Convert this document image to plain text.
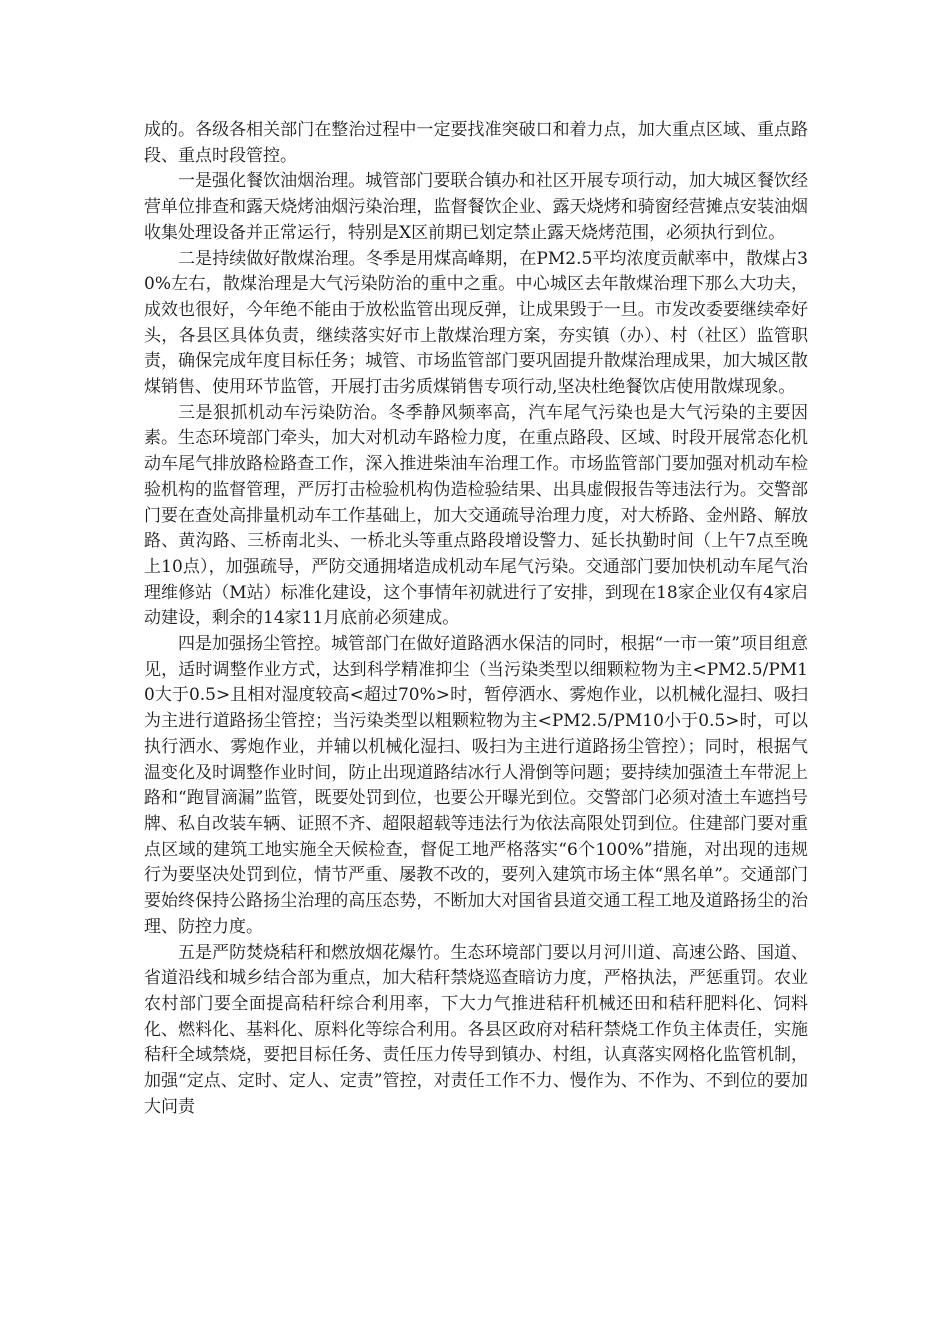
成的。各级各相关部门在整治过程中一定要找准突破口和着力点，加大重点区域、重点路段、重点时段管控。

一是强化餐饮油烟治理。城管部门要联合镇办和社区开展专项行动，加大城区餐饮经营单位排查和露天烧烤油烟污染治理，监督餐饮企业、露天烧烤和骑窗经营摊点安装油烟收集处理设备并正常运行，特别是X区前期已划定禁止露天烧烤范围，必须执行到位。

二是持续做好散煤治理。冬季是用煤高峰期，在PM2.5平均浓度贡献率中，散煤占30%左右，散煤治理是大气污染防治的重中之重。中心城区去年散煤治理下那么大功夫，成效也很好，今年绝不能由于放松监管出现反弹，让成果毁于一旦。市发改委要继续牵好头，各县区具体负责，继续落实好市上散煤治理方案，夯实镇（办）、村（社区）监管职责，确保完成年度目标任务；城管、市场监管部门要巩固提升散煤治理成果，加大城区散煤销售、使用环节监管，开展打击劣质煤销售专项行动,坚决杜绝餐饮店使用散煤现象。

三是狠抓机动车污染防治。冬季静风频率高，汽车尾气污染也是大气污染的主要因素。生态环境部门牵头，加大对机动车路检力度，在重点路段、区域、时段开展常态化机动车尾气排放路检路查工作，深入推进柴油车治理工作。市场监管部门要加强对机动车检验机构的监督管理，严厉打击检验机构伪造检验结果、出具虚假报告等违法行为。交警部门要在查处高排量机动车工作基础上，加大交通疏导治理力度，对大桥路、金州路、解放路、黄沟路、三桥南北头、一桥北头等重点路段增设警力、延长执勤时间（上午7点至晚上10点），加强疏导，严防交通拥堵造成机动车尾气污染。交通部门要加快机动车尾气治理维修站（M站）标准化建设，这个事情年初就进行了安排，到现在18家企业仅有4家启动建设，剩余的14家11月底前必须建成。

四是加强扬尘管控。城管部门在做好道路洒水保洁的同时，根据“一市一策”项目组意见，适时调整作业方式，达到科学精准抑尘（当污染类型以细颗粒物为主<PM2.5/PM10大于0.5>且相对湿度较高<超过70%>时，暂停洒水、雾炮作业，以机械化湿扫、吸扫为主进行道路扬尘管控；当污染类型以粗颗粒物为主<PM2.5/PM10小于0.5>时，可以执行洒水、雾炮作业，并辅以机械化湿扫、吸扫为主进行道路扬尘管控）；同时，根据气温变化及时调整作业时间，防止出现道路结冰行人滑倒等问题；要持续加强渣土车带泥上路和“跑冒滴漏”监管，既要处罚到位，也要公开曝光到位。交警部门必须对渣土车遮挡号牌、私自改装车辆、证照不齐、超限超载等违法行为依法高限处罚到位。住建部门要对重点区域的建筑工地实施全天候检查，督促工地严格落实“6个100%”措施，对出现的违规行为要坚决处罚到位，情节严重、屡教不改的，要列入建筑市场主体“黑名单”。交通部门要始终保持公路扬尘治理的高压态势，不断加大对国省县道交通工程工地及道路扬尘的治理、防控力度。

五是严防焚烧秸秆和燃放烟花爆竹。生态环境部门要以月河川道、高速公路、国道、省道沿线和城乡结合部为重点，加大秸秆禁烧巡查暗访力度，严格执法，严惩重罚。农业农村部门要全面提高秸秆综合利用率，下大力气推进秸秆机械还田和秸秆肥料化、饲料化、燃料化、基料化、原料化等综合利用。各县区政府对秸秆禁烧工作负主体责任，实施秸秆全域禁烧，要把目标任务、责任压力传导到镇办、村组，认真落实网格化监管机制，加强“定点、定时、定人、定责”管控，对责任工作不力、慢作为、不作为、不到位的要加大问责
